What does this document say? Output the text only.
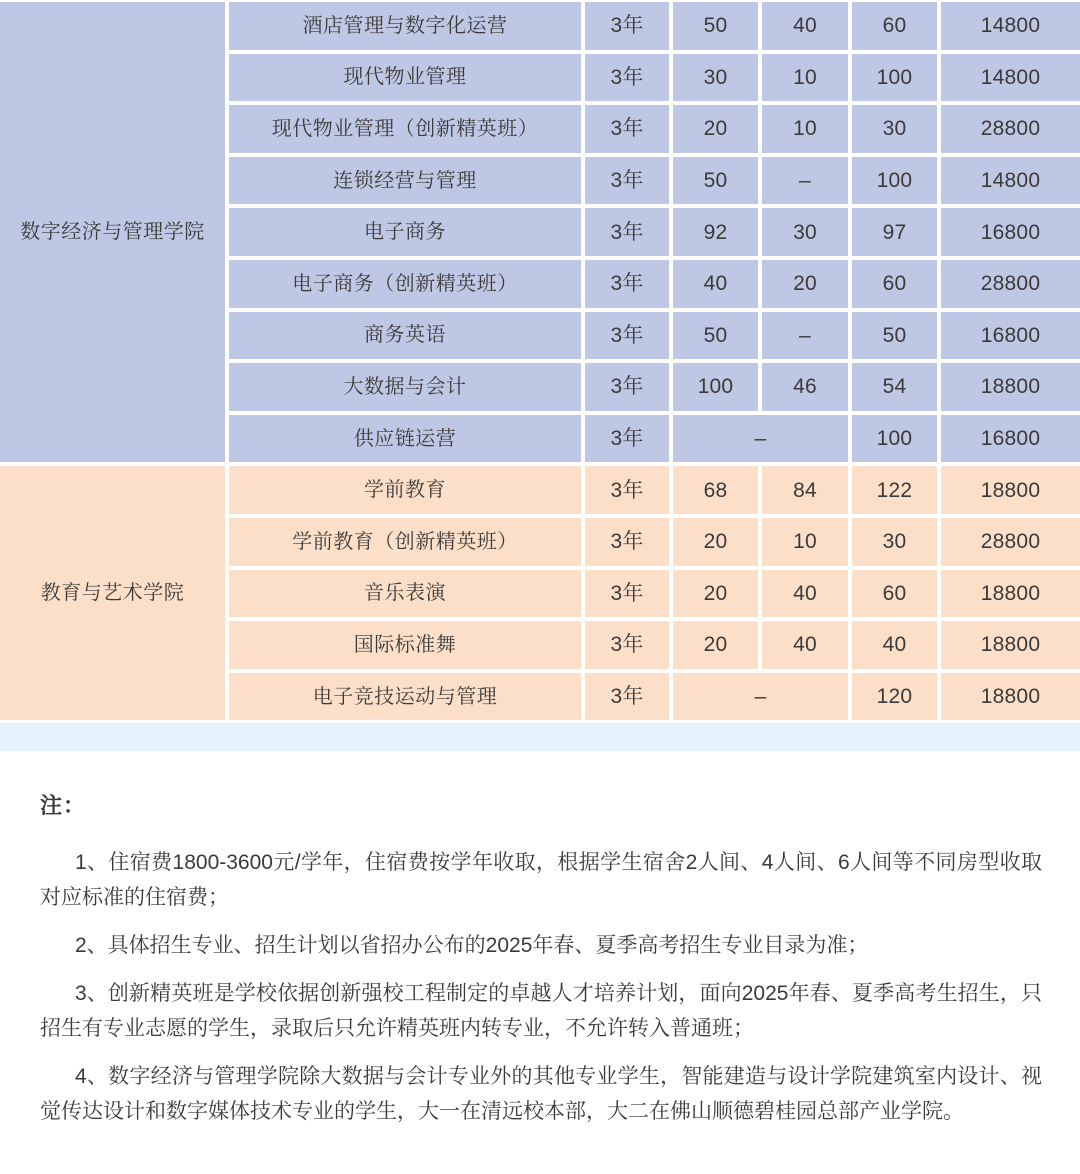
数字经济与管理学院
酒店管理与数字化运营	3年	50	40	60	14800
现代物业管理	3年	30	10	100	14800
现代物业管理（创新精英班）	3年	20	10	30	28800
连锁经营与管理	3年	50	–	100	14800
电子商务	3年	92	30	97	16800
电子商务（创新精英班）	3年	40	20	60	28800
商务英语	3年	50	–	50	16800
大数据与会计	3年	100	46	54	18800
供应链运营	3年	–	100	16800
教育与艺术学院
学前教育	3年	68	84	122	18800
学前教育（创新精英班）	3年	20	10	30	28800
音乐表演	3年	20	40	60	18800
国际标准舞	3年	20	40	40	18800
电子竞技运动与管理	3年	–	120	18800
注：

1、住宿费1800-3600元/学年，住宿费按学年收取，根据学生宿舍2人间、4人间、6人间等不同房型收取对应标准的住宿费；

2、具体招生专业、招生计划以省招办公布的2025年春、夏季高考招生专业目录为准；

3、创新精英班是学校依据创新强校工程制定的卓越人才培养计划，面向2025年春、夏季高考生招生，只招生有专业志愿的学生，录取后只允许精英班内转专业，不允许转入普通班；

4、数字经济与管理学院除大数据与会计专业外的其他专业学生，智能建造与设计学院建筑室内设计、视觉传达设计和数字媒体技术专业的学生，大一在清远校本部，大二在佛山顺德碧桂园总部产业学院。
